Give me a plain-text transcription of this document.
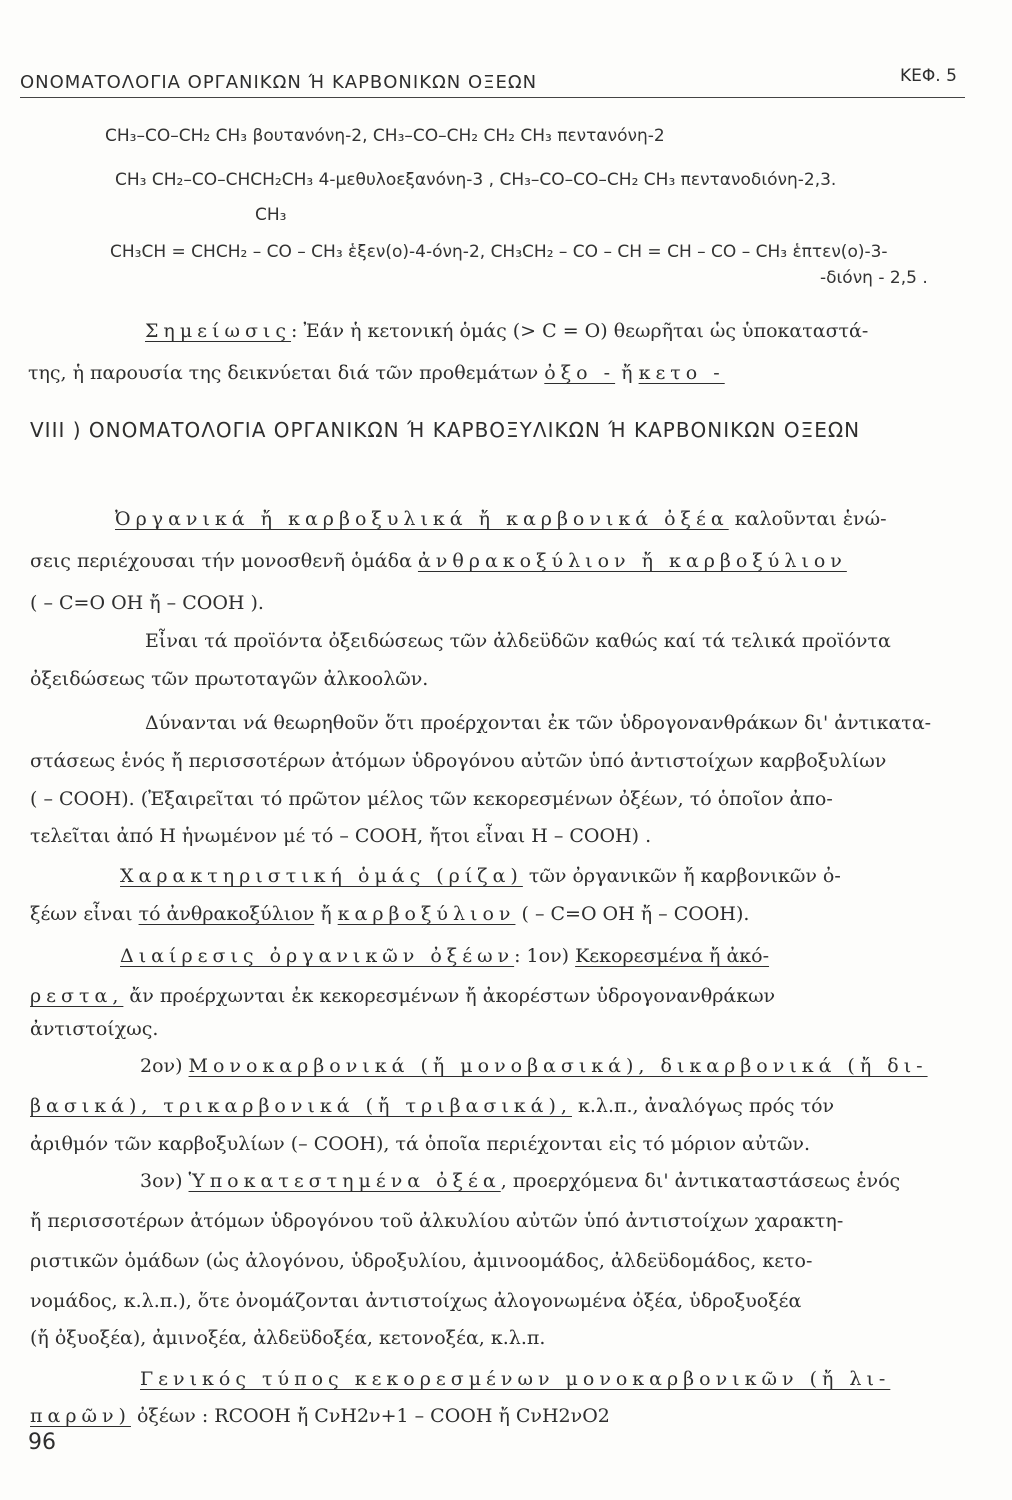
ΟΝΟΜΑΤΟΛΟΓΙΑ ΟΡΓΑΝΙΚΩΝ Ή ΚΑΡΒΟΝΙΚΩΝ ΟΞΕΩΝ	ΚΕΦ. 5
CH₃–CO–CH₂ CH₃ βουτανόνη-2, CH₃–CO–CH₂ CH₂ CH₃ πεντανόνη-2
CH₃ CH₂–CO–CHCH₂CH₃ 4-μεθυλοεξανόνη-3 , CH₃–CO–CO–CH₂ CH₃ πεντανοδιόνη-2,3.
CH₃
CH₃CH = CHCH₂ – CO – CH₃ ἑξεν(ο)-4-όνη-2, CH₃CH₂ – CO – CH = CH – CO – CH₃ ἑπτεν(ο)-3-
-διόνη - 2,5 .
Σημείωσις: Ἐάν ἡ κετονική ὁμάς (> C = O) θεωρῆται ὡς ὑποκαταστά-
της, ἡ παρουσία της δεικνύεται διά τῶν προθεμάτων ὀξο - ἤ κετο -
VIII ) ΟΝΟΜΑΤΟΛΟΓΙΑ ΟΡΓΑΝΙΚΩΝ Ή ΚΑΡΒΟΞΥΛΙΚΩΝ Ή ΚΑΡΒΟΝΙΚΩΝ ΟΞΕΩΝ
Ὀργανικά ἤ καρβοξυλικά ἤ καρβονικά ὀξέα καλοῦνται ἑνώ-
σεις περιέχουσαι τήν μονοσθενῆ ὁμάδα ἀνθρακοξύλιον ἤ καρβοξύλιον
( – C=O OH ἤ – COOH ).
Εἶναι τά προϊόντα ὀξειδώσεως τῶν ἀλδεϋδῶν καθώς καί τά τελικά προϊόντα
ὀξειδώσεως τῶν πρωτοταγῶν ἀλκοολῶν.
Δύνανται νά θεωρηθοῦν ὅτι προέρχονται ἐκ τῶν ὑδρογονανθράκων δι' ἀντικατα-
στάσεως ἑνός ἤ περισσοτέρων ἀτόμων ὑδρογόνου αὐτῶν ὑπό ἀντιστοίχων καρβοξυλίων
( – COOH). (Ἐξαιρεῖται τό πρῶτον μέλος τῶν κεκορεσμένων ὀξέων, τό ὁποῖον ἀπο-
τελεῖται ἀπό H ἡνωμένον μέ τό – COOH, ἤτοι εἶναι H – COOH) .
Χαρακτηριστική ὁμάς (ρίζα) τῶν ὀργανικῶν ἤ καρβονικῶν ὀ-
ξέων εἶναι τό ἀνθρακοξύλιον ἤ καρβοξύλιον ( – C=O OH ἤ – COOH).
Διαίρεσις ὀργανικῶν ὀξέων: 1ον) Κεκορεσμένα ἤ ἀκό-
ρεστα, ἄν προέρχωνται ἐκ κεκορεσμένων ἤ ἀκορέστων ὑδρογονανθράκων
ἀντιστοίχως.
2ον) Μονοκαρβονικά (ἤ μονοβασικά), δικαρβονικά (ἤ δι-
βασικά), τρικαρβονικά (ἤ τριβασικά), κ.λ.π., ἀναλόγως πρός τόν
ἀριθμόν τῶν καρβοξυλίων (– COOH), τά ὁποῖα περιέχονται εἰς τό μόριον αὐτῶν.
3ον) Ὑποκατεστημένα ὀξέα, προερχόμενα δι' ἀντικαταστάσεως ἑνός
ἤ περισσοτέρων ἀτόμων ὑδρογόνου τοῦ ἀλκυλίου αὐτῶν ὑπό ἀντιστοίχων χαρακτη-
ριστικῶν ὁμάδων (ὡς ἀλογόνου, ὑδροξυλίου, ἀμινοομάδος, ἀλδεϋδομάδος, κετο-
νομάδος, κ.λ.π.), ὅτε ὀνομάζονται ἀντιστοίχως ἀλογονωμένα ὀξέα, ὑδροξυοξέα
(ἤ ὀξυοξέα), ἀμινοξέα, ἀλδεϋδοξέα, κετονοξέα, κ.λ.π.
Γενικός τύπος κεκορεσμένων μονοκαρβονικῶν (ἤ λι-
παρῶν) ὀξέων : RCOOH ἤ CνH2ν+1 – COOH ἤ CνH2νO2
96
